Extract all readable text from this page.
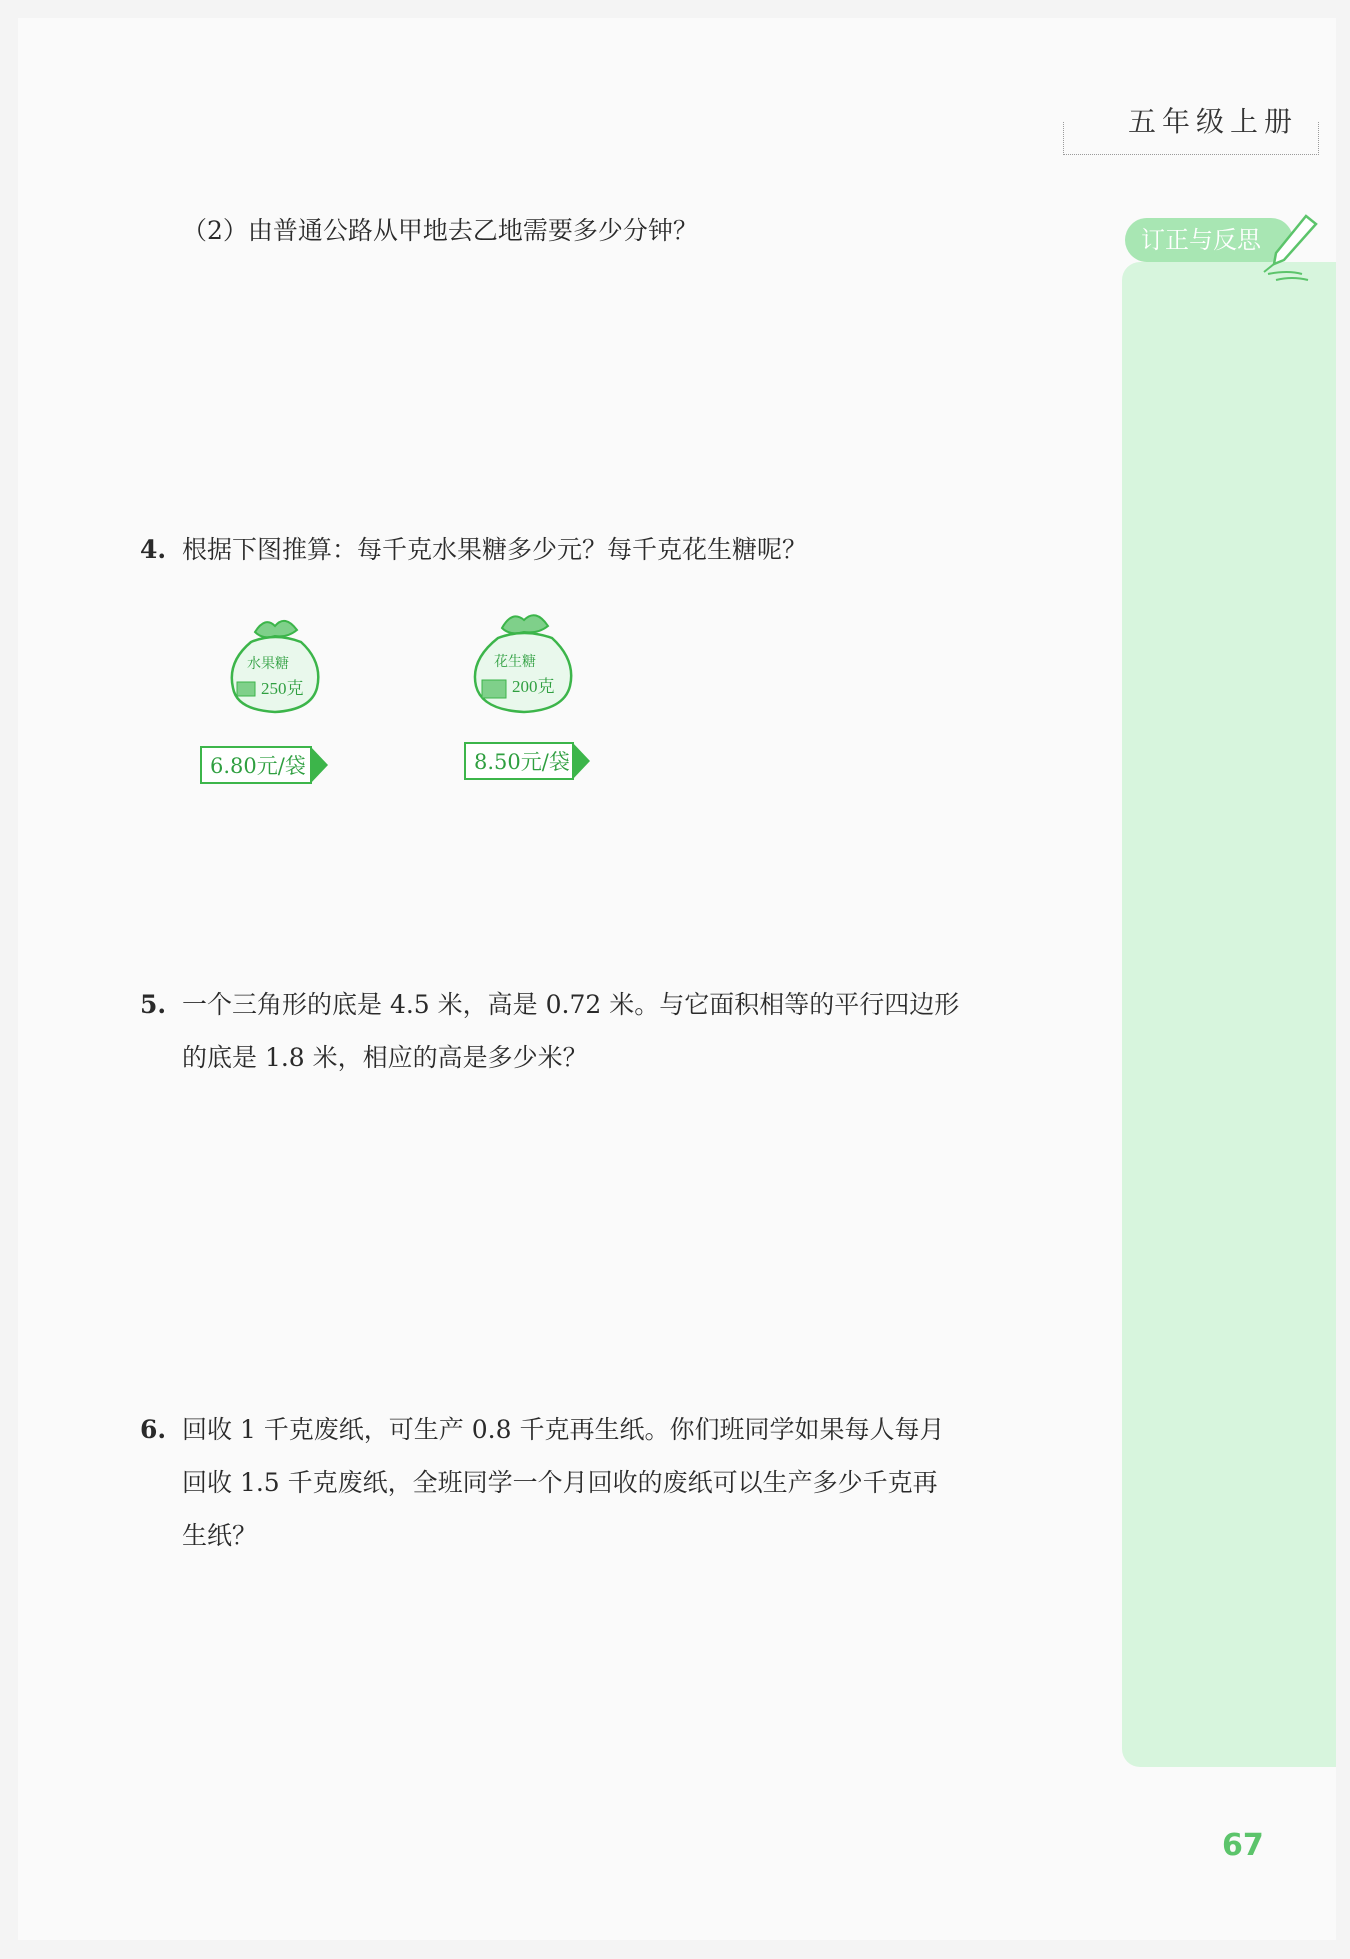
五年级上册
订正与反思
（2）由普通公路从甲地去乙地需要多少分钟？
4. 根据下图推算：每千克水果糖多少元？每千克花生糖呢？
水果糖
250克
6.80元/袋
花生糖
200克
8.50元/袋
5. 一个三角形的底是 4.5 米，高是 0.72 米。与它面积相等的平行四边形
的底是 1.8 米，相应的高是多少米？
6. 回收 1 千克废纸，可生产 0.8 千克再生纸。你们班同学如果每人每月
回收 1.5 千克废纸，全班同学一个月回收的废纸可以生产多少千克再
生纸？
67
